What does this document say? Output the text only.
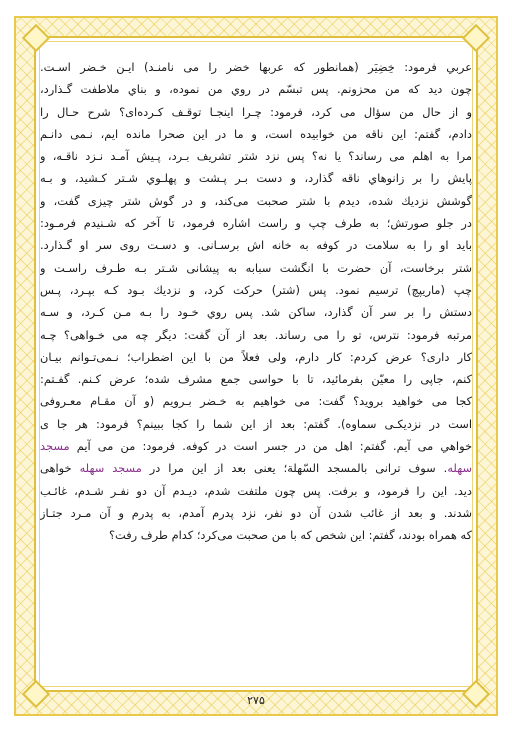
عربي فرمود: خِضِيَر (همانطور كه عربها خضر را مى نامنـد) ايـن خـضر اسـت.
چون ديد كه من محزونم. پس تبسّم در روي من نموده، و بناي ملاطفت گـذارد،
و از حال من سؤال مى كرد، فرمود: چـرا اينجـا توقـف كـرده‌اى؟ شرح حـال را
دادم، گفتم: اين ناقه من خوابيده است، و ما در اين صحرا مانده ايم، نـمى دانـم
مرا به اهلم مى رساند؟ يا نه؟ پس نزد شتر تشريف بـرد، پـيش آمـد نـزد ناقـه، و
پايش را بر زانوهاي ناقه گذارد، و دست بـر پـشت و پهلـوي شـتر كـشيد، و بـه
گوشش نزديك شده، ديدم با شتر صحبت مى‌كند، و در گوش شتر چيزى گفت، و
در جلو صورتش؛ به طرف چپ و راست اشاره فرمود، تا آخر كه شـنيدم فرمـود:
بايد او را به سلامت در كوفه به خانه اش برسـانى. و دسـت روى سر او گـذارد.
شتر برخاست، آن حضرت با انگشت سبابه به پيشانى شـتر بـه طـرف راسـت و
چپ (ماريپچ) ترسيم نمود. پس (شتر) حركت كرد، و نزديك بـود كـه بپـرد، پـس
دستش را بر سر آن گذارد، ساكن شد. پس روي خـود را بـه مـن كـرد، و سـه
مرتبه فرمود: نترس، تو را مى رساند. بعد از آن گفت: ديگر چه مى خـواهى؟ چـه
كار دارى؟ عرض كردم: كار دارم، ولى فعلاً من با اين اضطراب؛ نـمى‌تـوانم بيـان
كنم، جاپى را معيّن بفرمائيد، تا با حواسى جمع مشرف شده؛ عرض كـنم. گفـتم:
كجا مى خواهيد برويد؟ گفت: مى خواهيم به خـضر بـرويم (و آن مقـام معـروفى
است در نزديكـى سماوه). گفتم: بعد از اين شما را كجا ببينم؟ فرمود: هر جا ى
خواهي مى آيم. گفتم: اهل من در جسر است در كوفه. فرمود: من مى آيم مسجد
سهله. سوف ترانى بالمسجد السّهلة؛ يعنى بعد از اين مرا در مسجد سهله خواهى
ديد. اين را فرمود، و برفت. پس چون ملتفت شدم، ديـدم آن دو نفـر شـدم، غائـب
شدند. و بعد از غائب شدن آن دو نفر، نزد پدرم آمدم، به پدرم و آن مـرد جتـاز
كه همراه بودند، گفتم: اين شخص كه با من صحبت مى‌كرد؛ كدام طرف رفت؟
۲۷۵
